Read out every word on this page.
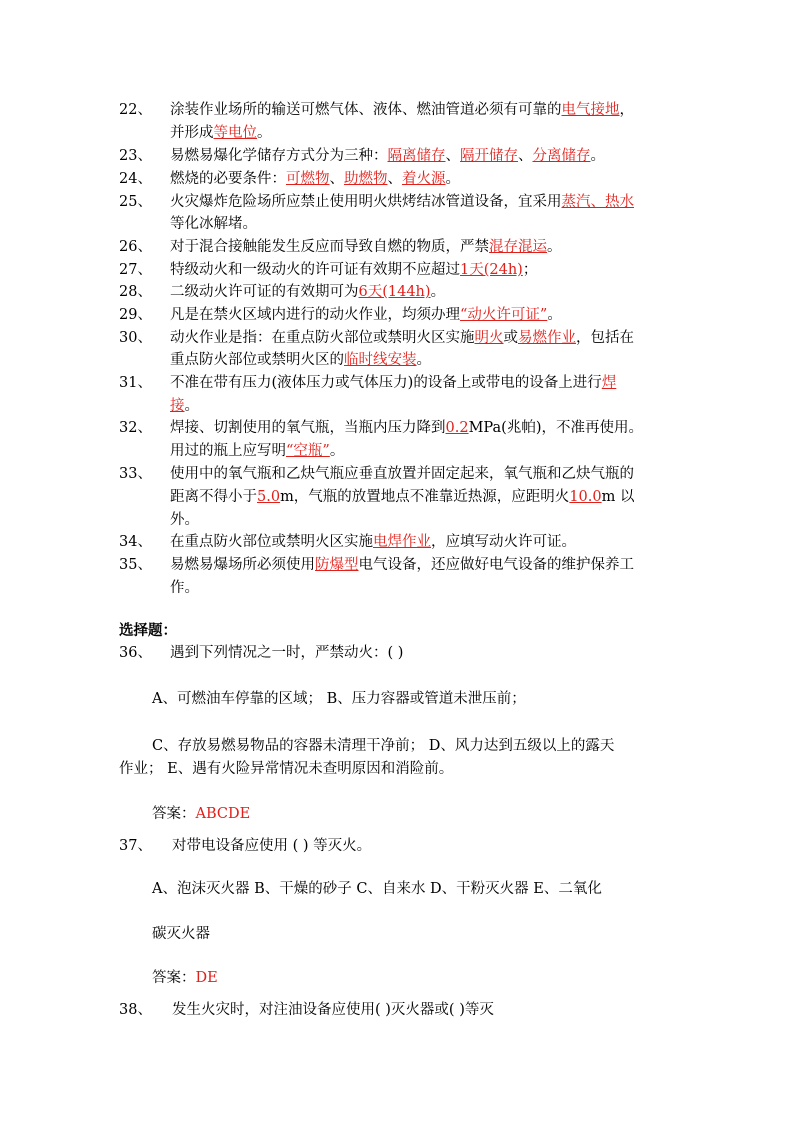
22、 涂装作业场所的输送可燃气体、液体、燃油管道必须有可靠的电气接地，
并形成等电位。
23、 易燃易爆化学储存方式分为三种：隔离储存、隔开储存、分离储存。
24、 燃烧的必要条件：可燃物、助燃物、着火源。
25、 火灾爆炸危险场所应禁止使用明火烘烤结冰管道设备，宜采用蒸汽、热水
等化冰解堵。
26、 对于混合接触能发生反应而导致自燃的物质，严禁混存混运。
27、 特级动火和一级动火的许可证有效期不应超过1天(24h)；
28、 二级动火许可证的有效期可为6天(144h)。
29、 凡是在禁火区域内进行的动火作业，均须办理“动火许可证”。
30、 动火作业是指：在重点防火部位或禁明火区实施明火或易燃作业，包括在
重点防火部位或禁明火区的临时线安装。
31、 不准在带有压力(液体压力或气体压力)的设备上或带电的设备上进行焊
接。
32、 焊接、切割使用的氧气瓶，当瓶内压力降到0.2MPa(兆帕)，不准再使用。
用过的瓶上应写明“空瓶”。
33、 使用中的氧气瓶和乙炔气瓶应垂直放置并固定起来，氧气瓶和乙炔气瓶的
距离不得小于5.0m，气瓶的放置地点不准靠近热源，应距明火10.0m 以
外。
34、 在重点防火部位或禁明火区实施电焊作业，应填写动火许可证。
35、 易燃易爆场所必须使用防爆型电气设备，还应做好电气设备的维护保养工
作。
选择题：
36、 遇到下列情况之一时，严禁动火：( )
A、可燃油车停靠的区域； B、压力容器或管道未泄压前；
C、存放易燃易物品的容器未清理干净前； D、风力达到五级以上的露天
作业； E、遇有火险异常情况未查明原因和消险前。
答案：ABCDE
37、 对带电设备应使用 ( ) 等灭火。
A、泡沫灭火器 B、干燥的砂子 C、自来水 D、干粉灭火器 E、二氧化
碳灭火器
答案：DE
38、 发生火灾时，对注油设备应使用( )灭火器或( )等灭
